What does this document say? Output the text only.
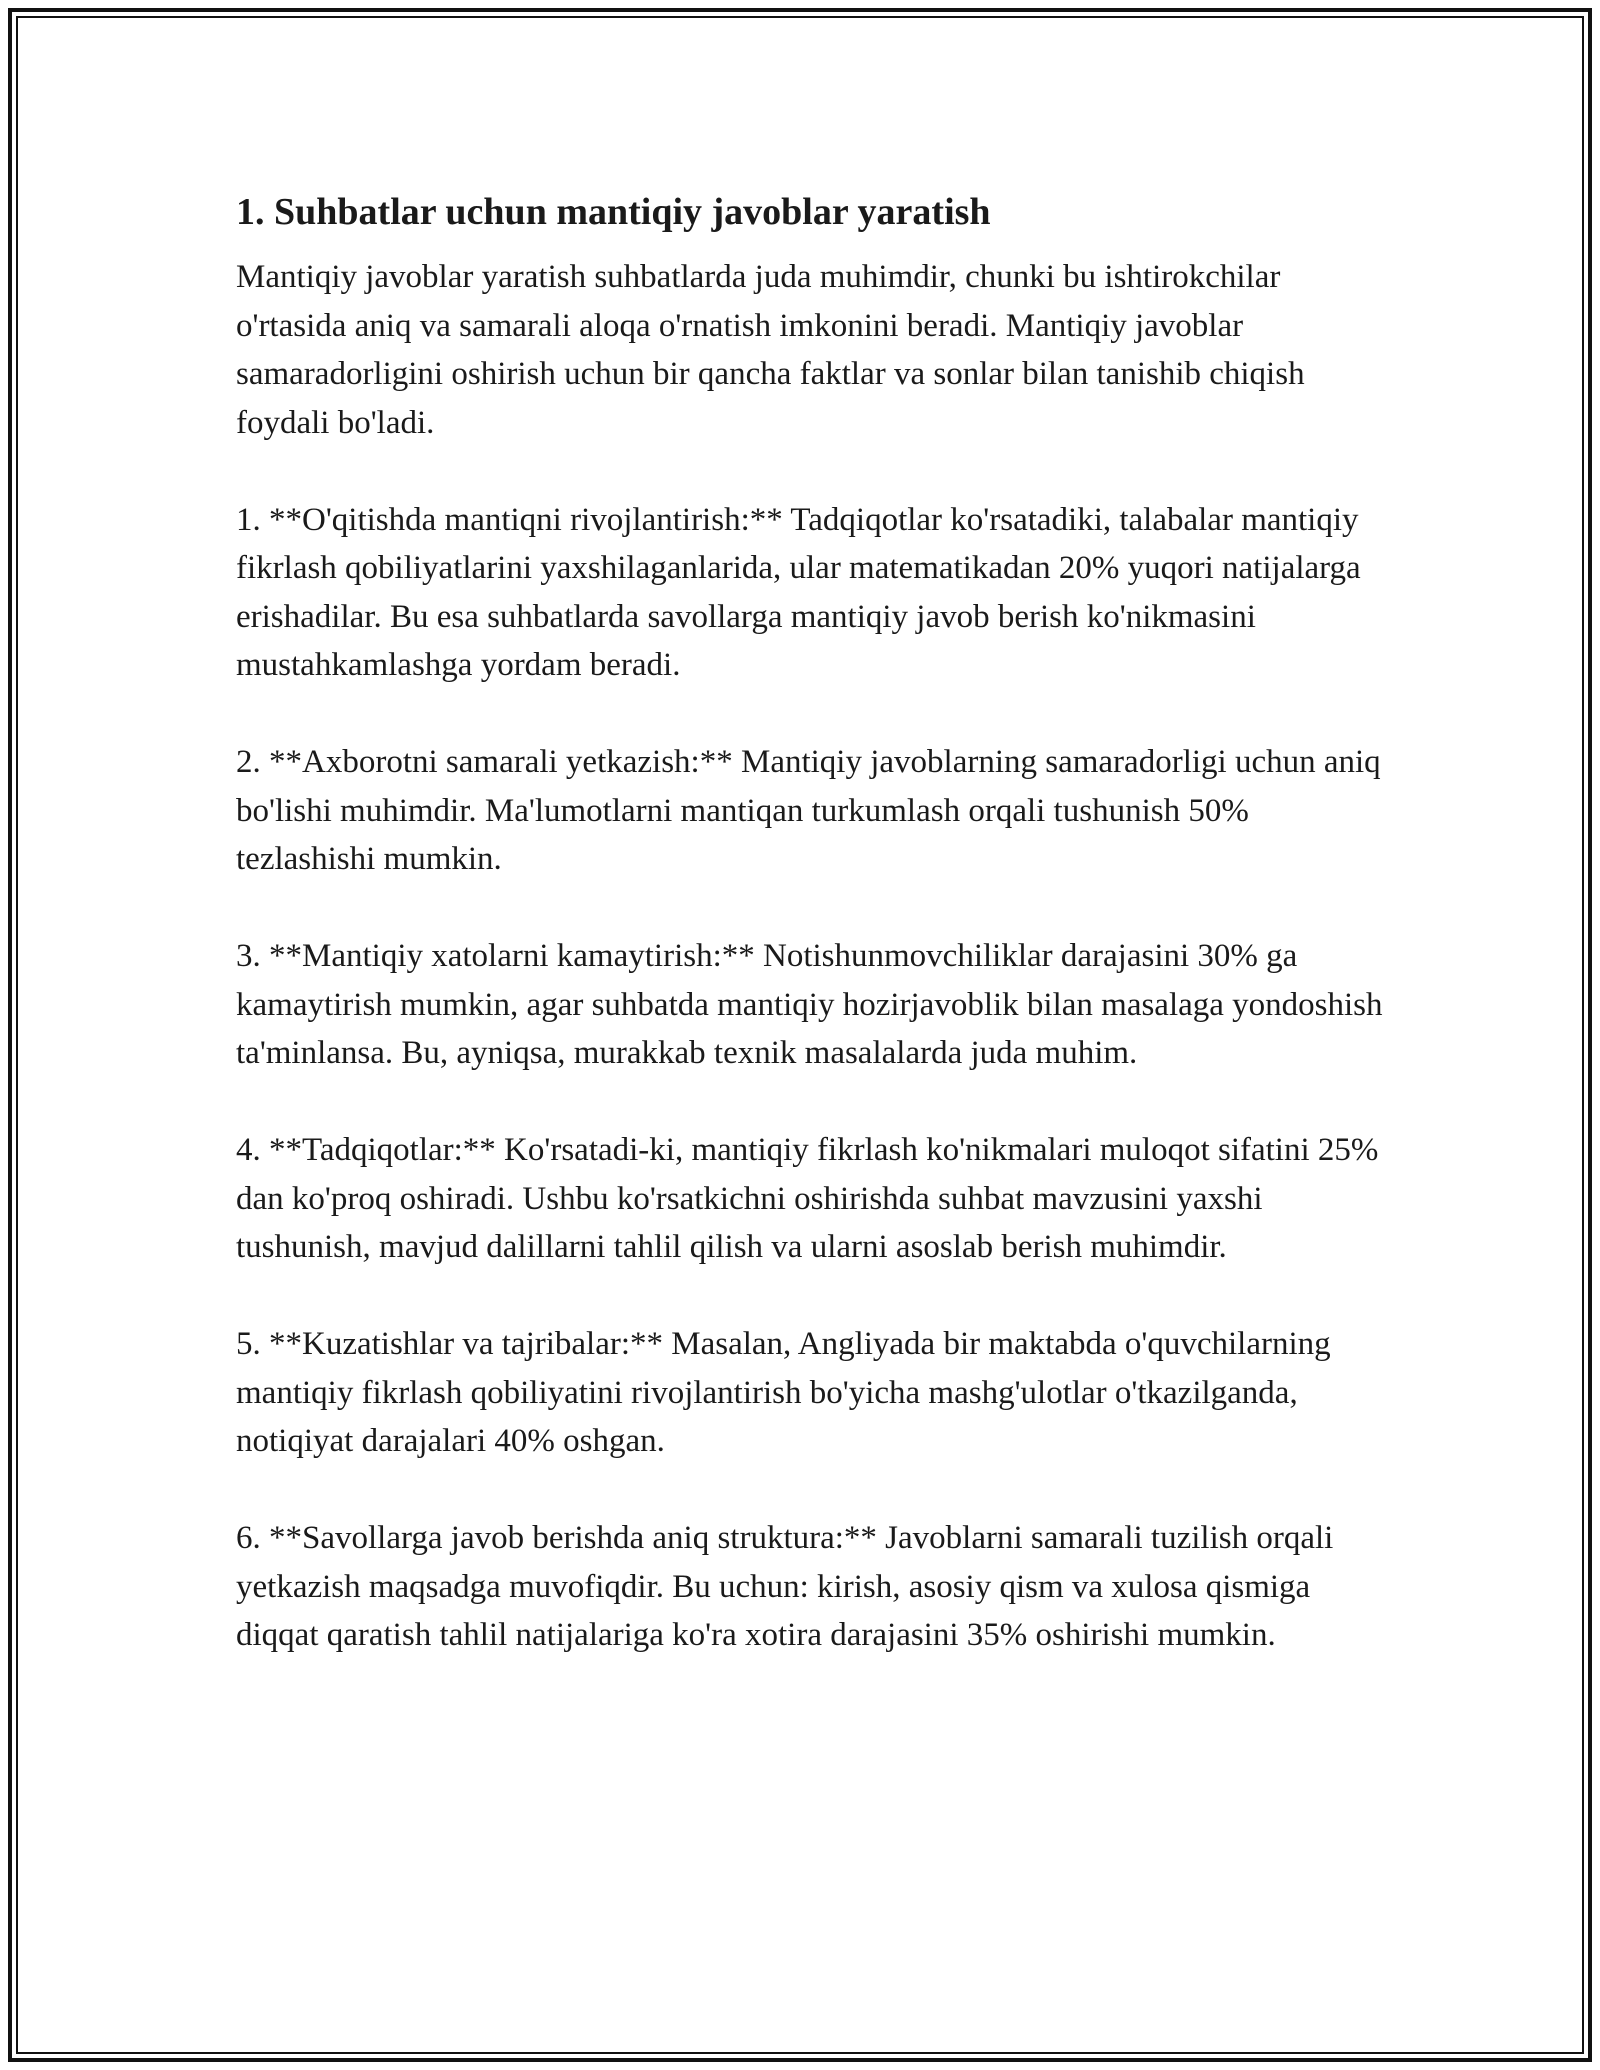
1. Suhbatlar uchun mantiqiy javoblar yaratish

Mantiqiy javoblar yaratish suhbatlarda juda muhimdir, chunki bu ishtirokchilar o'rtasida aniq va samarali aloqa o'rnatish imkonini beradi. Mantiqiy javoblar samaradorligini oshirish uchun bir qancha faktlar va sonlar bilan tanishib chiqish foydali bo'ladi.

1. **O'qitishda mantiqni rivojlantirish:** Tadqiqotlar ko'rsatadiki, talabalar mantiqiy fikrlash qobiliyatlarini yaxshilaganlarida, ular matematikadan 20% yuqori natijalarga erishadilar. Bu esa suhbatlarda savollarga mantiqiy javob berish ko'nikmasini mustahkamlashga yordam beradi.

2. **Axborotni samarali yetkazish:** Mantiqiy javoblarning samaradorligi uchun aniq bo'lishi muhimdir. Ma'lumotlarni mantiqan turkumlash orqali tushunish 50% tezlashishi mumkin.

3. **Mantiqiy xatolarni kamaytirish:** Notishunmovchiliklar darajasini 30% ga kamaytirish mumkin, agar suhbatda mantiqiy hozirjavoblik bilan masalaga yondoshish ta'minlansa. Bu, ayniqsa, murakkab texnik masalalarda juda muhim.

4. **Tadqiqotlar:** Ko'rsatadi-ki, mantiqiy fikrlash ko'nikmalari muloqot sifatini 25% dan ko'proq oshiradi. Ushbu ko'rsatkichni oshirishda suhbat mavzusini yaxshi tushunish, mavjud dalillarni tahlil qilish va ularni asoslab berish muhimdir.

5. **Kuzatishlar va tajribalar:** Masalan, Angliyada bir maktabda o'quvchilarning mantiqiy fikrlash qobiliyatini rivojlantirish bo'yicha mashg'ulotlar o'tkazilganda, notiqiyat darajalari 40% oshgan.

6. **Savollarga javob berishda aniq struktura:** Javoblarni samarali tuzilish orqali yetkazish maqsadga muvofiqdir. Bu uchun: kirish, asosiy qism va xulosa qismiga diqqat qaratish tahlil natijalariga ko'ra xotira darajasini 35% oshirishi mumkin.
